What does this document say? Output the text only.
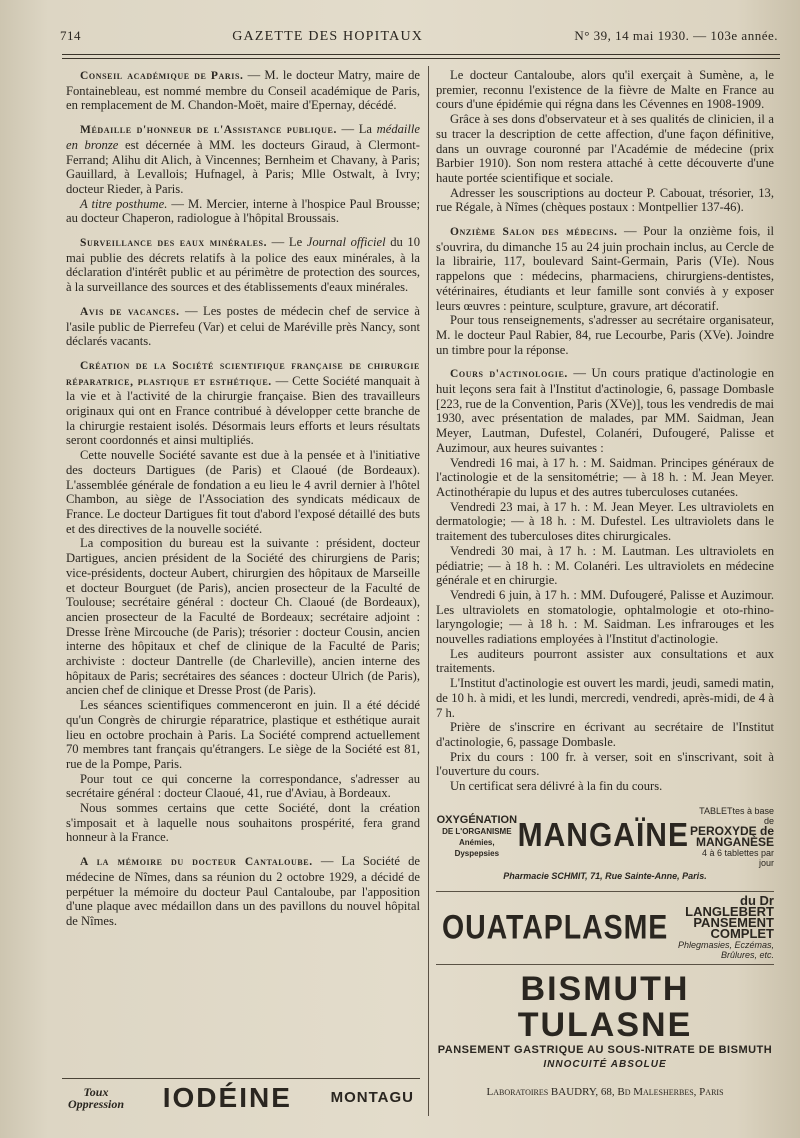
714	GAZETTE DES HOPITAUX	N° 39, 14 mai 1930. — 103e année.

Conseil académique de Paris. — M. le docteur Matry, maire de Fontainebleau, est nommé membre du Conseil académique de Paris, en remplacement de M. Chandon-Moët, maire d'Epernay, décédé.

Médaille d'honneur de l'Assistance publique. — La médaille en bronze est décernée à MM. les docteurs Giraud, à Clermont-Ferrand; Alihu dit Alich, à Vincennes; Bernheim et Chavany, à Paris; Gauillard, à Levallois; Hufnagel, à Paris; Mlle Ostwalt, à Ivry; docteur Rieder, à Paris.

A titre posthume. — M. Mercier, interne à l'hospice Paul Brousse; au docteur Chaperon, radiologue à l'hôpital Broussais.

Surveillance des eaux minérales. — Le Journal officiel du 10 mai publie des décrets relatifs à la police des eaux minérales, à la déclaration d'intérêt public et au périmètre de protection des sources, à la surveillance des sources et des établissements d'eaux minérales.

Avis de vacances. — Les postes de médecin chef de service à l'asile public de Pierrefeu (Var) et celui de Maréville près Nancy, sont déclarés vacants.

Création de la Société scientifique française de chirurgie réparatrice, plastique et esthétique. — Cette Société manquait à la vie et à l'activité de la chirurgie française. Bien des travailleurs originaux qui ont en France contribué à développer cette branche de la chirurgie restaient isolés. Désormais leurs efforts et leurs résultats seront coordonnés et ainsi multipliés.

Cette nouvelle Société savante est due à la pensée et à l'initiative des docteurs Dartigues (de Paris) et Claoué (de Bordeaux). L'assemblée générale de fondation a eu lieu le 4 avril dernier à l'hôtel Chambon, au siège de l'Association des syndicats médicaux de France. Le docteur Dartigues fit tout d'abord l'exposé détaillé des buts et des directives de la nouvelle société.

La composition du bureau est la suivante : président, docteur Dartigues, ancien président de la Société des chirurgiens de Paris; vice-présidents, docteur Aubert, chirurgien des hôpitaux de Marseille et docteur Bourguet (de Paris), ancien prosecteur de la Faculté de Toulouse; secrétaire général : docteur Ch. Claoué (de Bordeaux), ancien prosecteur de la Faculté de Bordeaux; secrétaire adjoint : Dresse Irène Mircouche (de Paris); trésorier : docteur Cousin, ancien interne des hôpitaux et chef de clinique de la Faculté de Paris; archiviste : docteur Dantrelle (de Charleville), ancien interne des hôpitaux de Paris; secrétaires des séances : docteur Ulrich (de Paris), ancien chef de clinique et Dresse Prost (de Paris).

Les séances scientifiques commenceront en juin. Il a été décidé qu'un Congrès de chirurgie réparatrice, plastique et esthétique aurait lieu en octobre prochain à Paris. La Société comprend actuellement 70 membres tant français qu'étrangers. Le siège de la Société est 81, rue de la Pompe, Paris.

Pour tout ce qui concerne la correspondance, s'adresser au secrétaire général : docteur Claoué, 41, rue d'Aviau, à Bordeaux.

Nous sommes certains que cette Société, dont la création s'imposait et à laquelle nous souhaitons prospérité, fera grand honneur à la France.

A la mémoire du docteur Cantaloube. — La Société de médecine de Nîmes, dans sa réunion du 2 octobre 1929, a décidé de perpétuer la mémoire du docteur Paul Cantaloube, par l'apposition d'une plaque avec médaillon dans un des pavillons du nouvel hôpital de Nîmes.

Toux
Oppression IODÉINE	MONTAGU

Le docteur Cantaloube, alors qu'il exerçait à Sumène, a, le premier, reconnu l'existence de la fièvre de Malte en France au cours d'une épidémie qui régna dans les Cévennes en 1908-1909.

Grâce à ses dons d'observateur et à ses qualités de clinicien, il a su tracer la description de cette affection, d'une façon définitive, dans un ouvrage couronné par l'Académie de médecine (prix Barbier 1910). Son nom restera attaché à cette découverte d'une haute portée scientifique et sociale.

Adresser les souscriptions au docteur P. Cabouat, trésorier, 13, rue Régale, à Nîmes (chèques postaux : Montpellier 137-46).

Onzième Salon des médecins. — Pour la onzième fois, il s'ouvrira, du dimanche 15 au 24 juin prochain inclus, au Cercle de la librairie, 117, boulevard Saint-Germain, Paris (VIe). Nous rappelons que : médecins, pharmaciens, chirurgiens-dentistes, vétérinaires, étudiants et leur famille sont conviés à y exposer leurs œuvres : peinture, sculpture, gravure, art décoratif.

Pour tous renseignements, s'adresser au secrétaire organisateur, M. le docteur Paul Rabier, 84, rue Lecourbe, Paris (XVe). Joindre un timbre pour la réponse.

Cours d'actinologie. — Un cours pratique d'actinologie en huit leçons sera fait à l'Institut d'actinologie, 6, passage Dombasle [223, rue de la Convention, Paris (XVe)], tous les vendredis de mai 1930, avec présentation de malades, par MM. Saidman, Jean Meyer, Lautman, Dufestel, Colanéri, Dufougeré, Palisse et Auzimour, aux heures suivantes :

Vendredi 16 mai, à 17 h. : M. Saidman. Principes généraux de l'actinologie et de la sensitométrie; — à 18 h. : M. Jean Meyer. Actinothérapie du lupus et des autres tuberculoses cutanées.

Vendredi 23 mai, à 17 h. : M. Jean Meyer. Les ultraviolets en dermatologie; — à 18 h. : M. Dufestel. Les ultraviolets dans le traitement des tuberculoses dites chirurgicales.

Vendredi 30 mai, à 17 h. : M. Lautman. Les ultraviolets en pédiatrie; — à 18 h. : M. Colanéri. Les ultraviolets en médecine générale et en chirurgie.

Vendredi 6 juin, à 17 h. : MM. Dufougeré, Palisse et Auzimour. Les ultraviolets en stomatologie, ophtalmologie et oto-rhino-laryngologie; — à 18 h. : M. Saidman. Les infrarouges et les nouvelles radiations employées à l'Institut d'actinologie.

Les auditeurs pourront assister aux consultations et aux traitements.

L'Institut d'actinologie est ouvert les mardi, jeudi, samedi matin, de 10 h. à midi, et les lundi, mercredi, vendredi, après-midi, de 4 à 7 h.

Prière de s'inscrire en écrivant au secrétaire de l'Institut d'actinologie, 6, passage Dombasle.

Prix du cours : 100 fr. à verser, soit en s'inscrivant, soit à l'ouverture du cours.

Un certificat sera délivré à la fin du cours.

OXYGÉNATION
DE L'ORGANISME
Anémies, Dyspepsies MANGAÏNE
TABLETtes à base de
PEROXYDE de MANGANÈSE
4 à 6 tablettes par jour
Pharmacie SCHMIT, 71, Rue Sainte-Anne, Paris.
OUATAPLASME
du Dr LANGLEBERT
PANSEMENT COMPLET
Phlegmasies, Eczémas, Brûlures, etc.
BISMUTH TULASNE
PANSEMENT GASTRIQUE AU SOUS-NITRATE DE BISMUTH
INNOCUITÉ ABSOLUE
Laboratoires BAUDRY, 68, Bd Malesherbes, Paris
